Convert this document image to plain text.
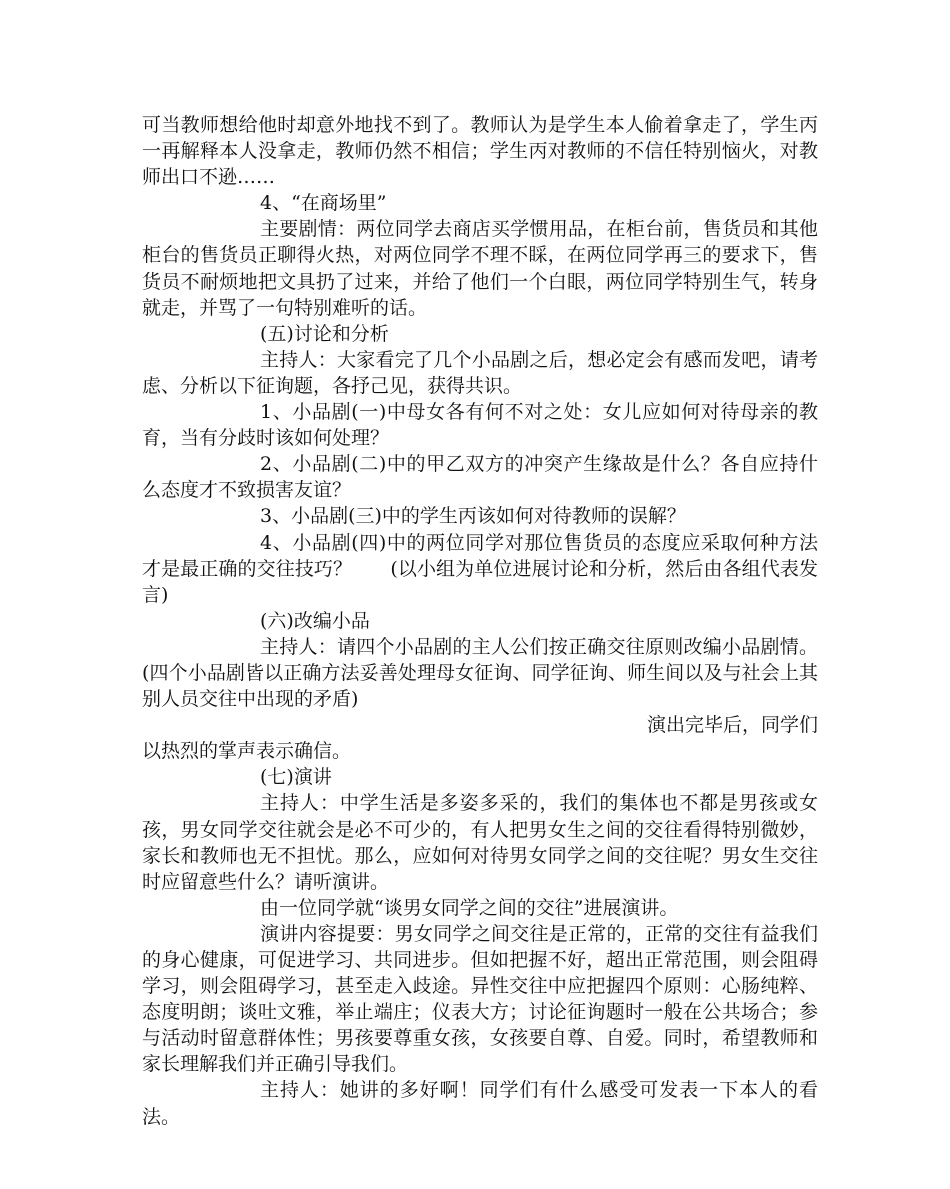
可当教师想给他时却意外地找不到了。教师认为是学生本人偷着拿走了，学生丙一再解释本人没拿走，教师仍然不相信；学生丙对教师的不信任特别恼火，对教师出口不逊……

4、“在商场里”

主要剧情：两位同学去商店买学惯用品，在柜台前，售货员和其他柜台的售货员正聊得火热，对两位同学不理不睬，在两位同学再三的要求下，售货员不耐烦地把文具扔了过来，并给了他们一个白眼，两位同学特别生气，转身就走，并骂了一句特别难听的话。

(五)讨论和分析

主持人：大家看完了几个小品剧之后，想必定会有感而发吧，请考虑、分析以下征询题，各抒己见，获得共识。

1、小品剧(一)中母女各有何不对之处：女儿应如何对待母亲的教育，当有分歧时该如何处理？

2、小品剧(二)中的甲乙双方的冲突产生缘故是什么？各自应持什么态度才不致损害友谊？

3、小品剧(三)中的学生丙该如何对待教师的误解？

4、小品剧(四)中的两位同学对那位售货员的态度应采取何种方法才是最正确的交往技巧？　　(以小组为单位进展讨论和分析，然后由各组代表发言)

(六)改编小品

主持人：请四个小品剧的主人公们按正确交往原则改编小品剧情。(四个小品剧皆以正确方法妥善处理母女征询、同学征询、师生间以及与社会上其别人员交往中出现的矛盾)

演出完毕后，同学们

以热烈的掌声表示确信。

(七)演讲

主持人：中学生活是多姿多采的，我们的集体也不都是男孩或女孩，男女同学交往就会是必不可少的，有人把男女生之间的交往看得特别微妙，家长和教师也无不担忧。那么，应如何对待男女同学之间的交往呢？男女生交往时应留意些什么？请听演讲。

由一位同学就“谈男女同学之间的交往”进展演讲。

演讲内容提要：男女同学之间交往是正常的，正常的交往有益我们的身心健康，可促进学习、共同进步。但如把握不好，超出正常范围，则会阻碍学习，则会阻碍学习，甚至走入歧途。异性交往中应把握四个原则：心肠纯粹、态度明朗；谈吐文雅，举止端庄；仪表大方；讨论征询题时一般在公共场合；参与活动时留意群体性；男孩要尊重女孩，女孩要自尊、自爱。同时，希望教师和家长理解我们并正确引导我们。

主持人：她讲的多好啊！同学们有什么感受可发表一下本人的看法。
